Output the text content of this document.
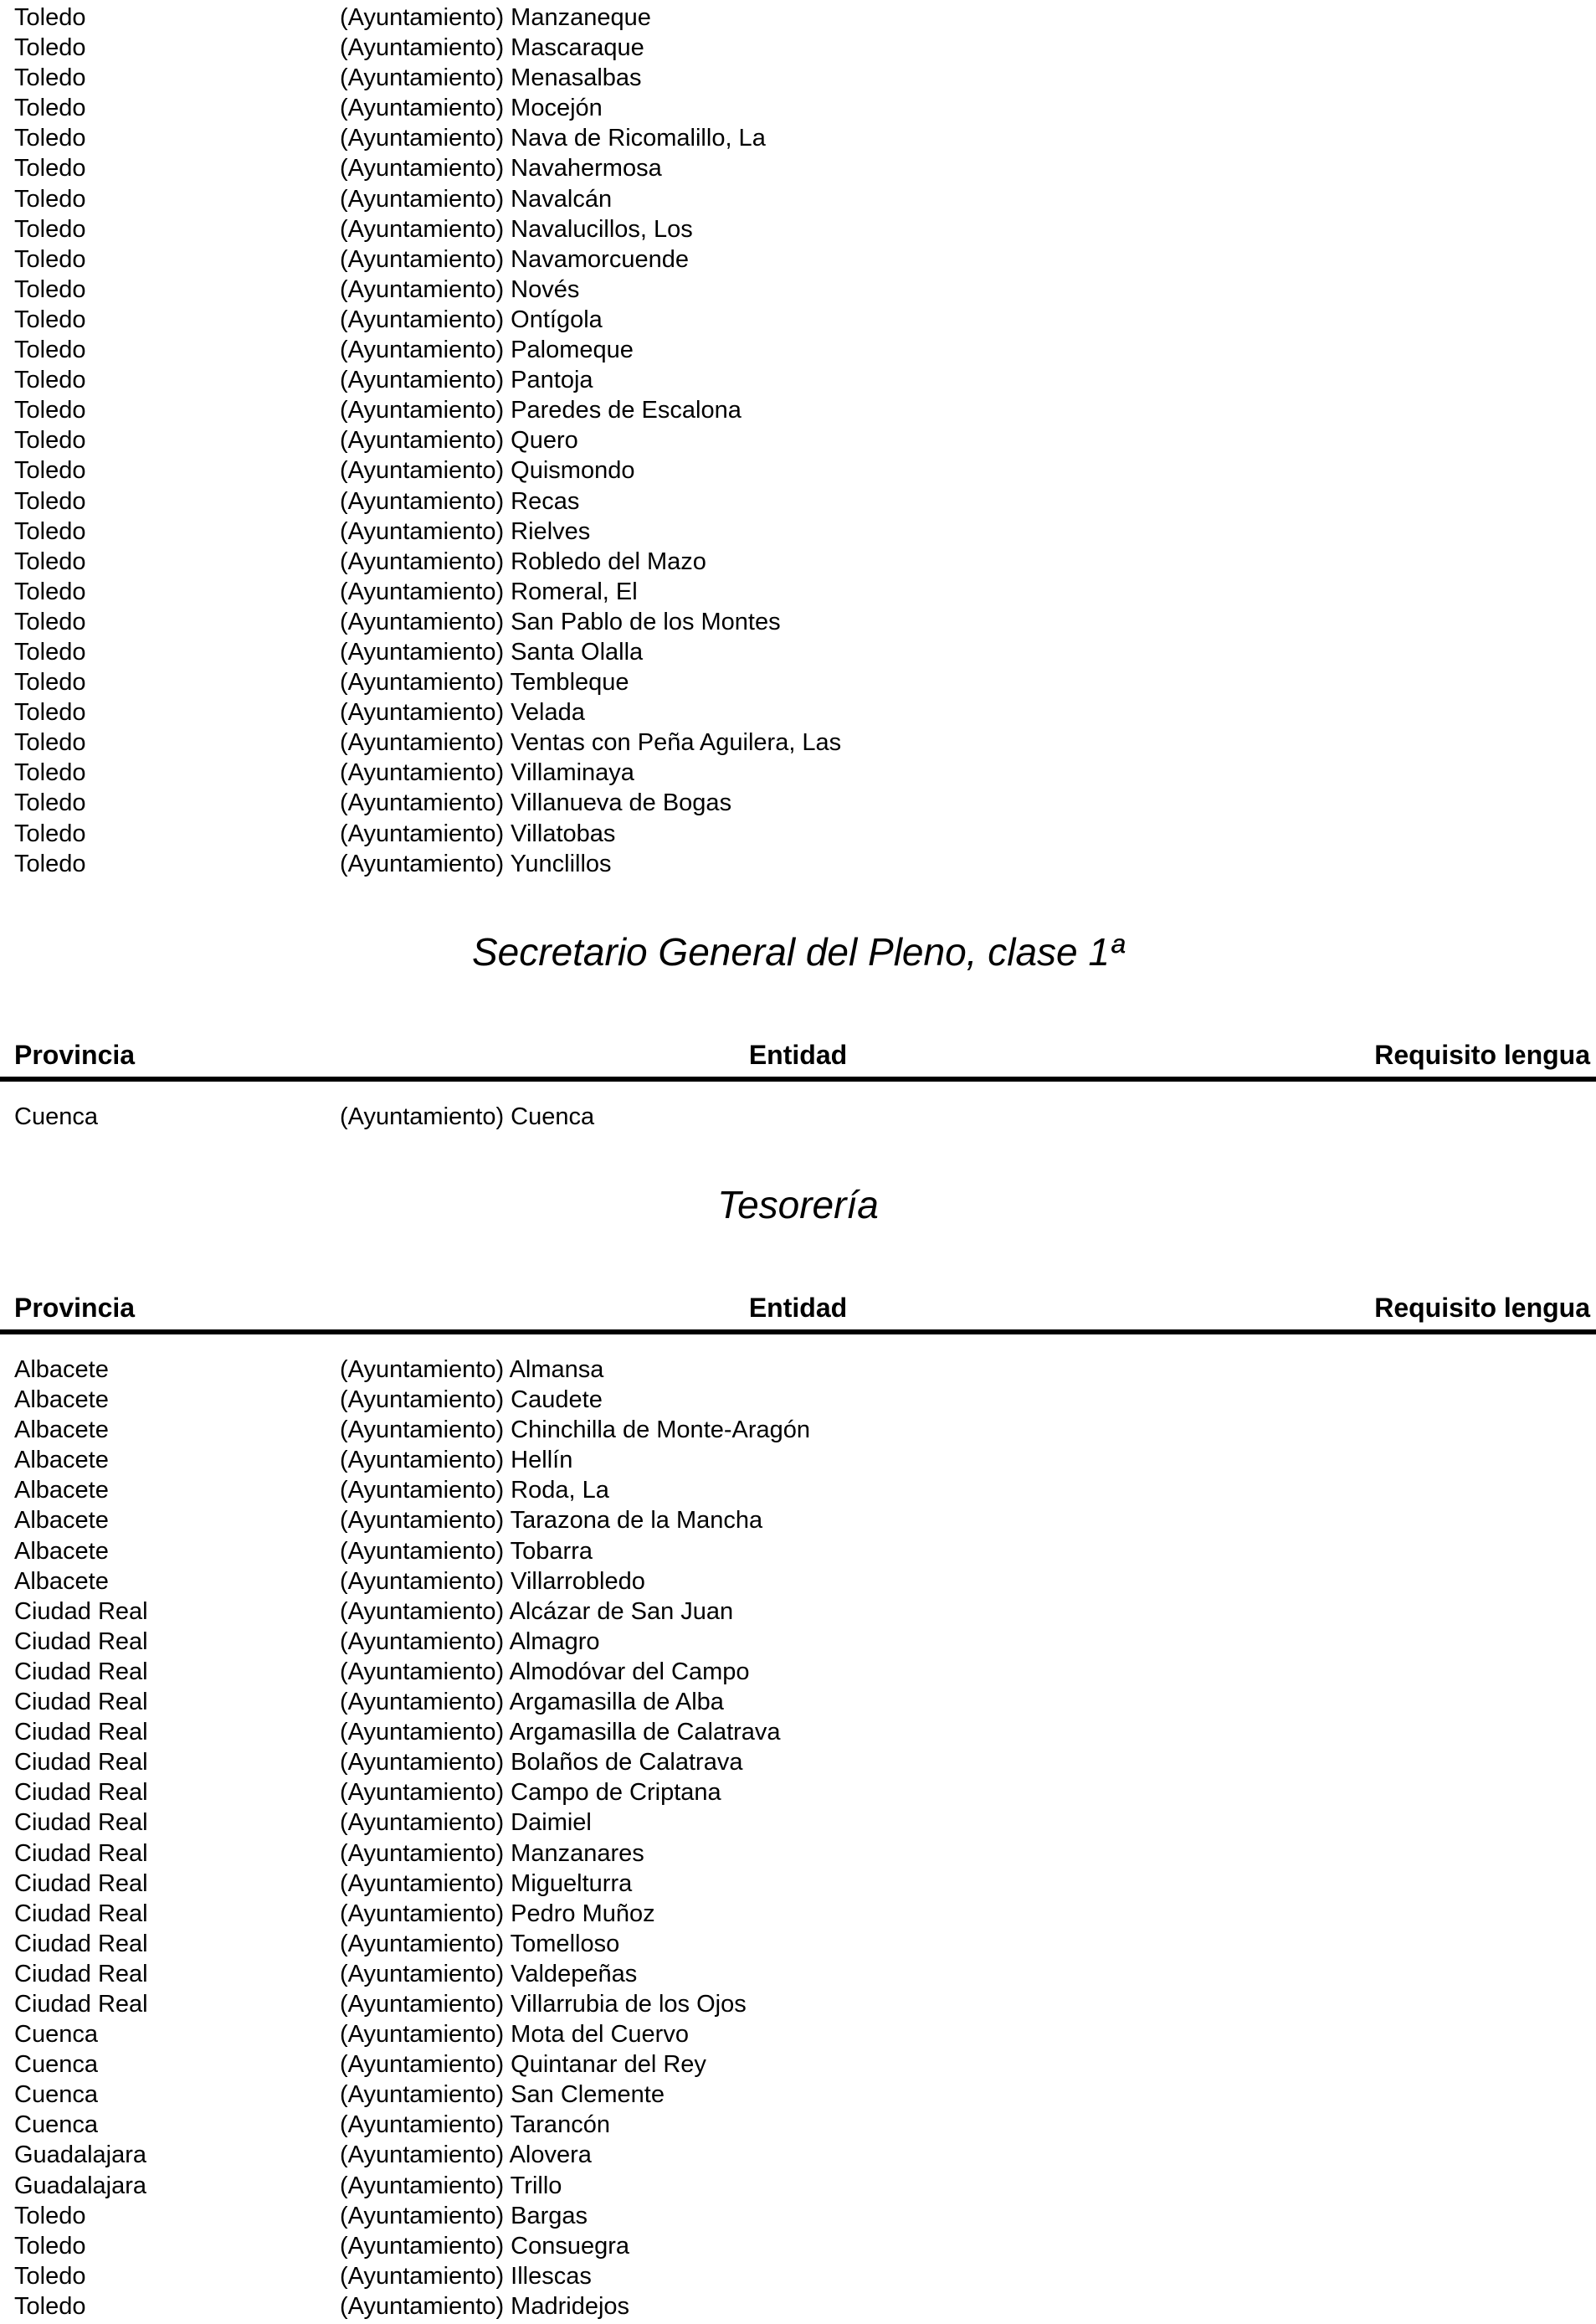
Toledo	(Ayuntamiento) Manzaneque
Toledo	(Ayuntamiento) Mascaraque
Toledo	(Ayuntamiento) Menasalbas
Toledo	(Ayuntamiento) Mocejón
Toledo	(Ayuntamiento) Nava de Ricomalillo, La
Toledo	(Ayuntamiento) Navahermosa
Toledo	(Ayuntamiento) Navalcán
Toledo	(Ayuntamiento) Navalucillos, Los
Toledo	(Ayuntamiento) Navamorcuende
Toledo	(Ayuntamiento) Novés
Toledo	(Ayuntamiento) Ontígola
Toledo	(Ayuntamiento) Palomeque
Toledo	(Ayuntamiento) Pantoja
Toledo	(Ayuntamiento) Paredes de Escalona
Toledo	(Ayuntamiento) Quero
Toledo	(Ayuntamiento) Quismondo
Toledo	(Ayuntamiento) Recas
Toledo	(Ayuntamiento) Rielves
Toledo	(Ayuntamiento) Robledo del Mazo
Toledo	(Ayuntamiento) Romeral, El
Toledo	(Ayuntamiento) San Pablo de los Montes
Toledo	(Ayuntamiento) Santa Olalla
Toledo	(Ayuntamiento) Tembleque
Toledo	(Ayuntamiento) Velada
Toledo	(Ayuntamiento) Ventas con Peña Aguilera, Las
Toledo	(Ayuntamiento) Villaminaya
Toledo	(Ayuntamiento) Villanueva de Bogas
Toledo	(Ayuntamiento) Villatobas
Toledo	(Ayuntamiento) Yunclillos
Secretario General del Pleno, clase 1ª
Provincia	Entidad	Requisito lengua
Cuenca	(Ayuntamiento) Cuenca
Tesorería
Provincia	Entidad	Requisito lengua
Albacete	(Ayuntamiento) Almansa
Albacete	(Ayuntamiento) Caudete
Albacete	(Ayuntamiento) Chinchilla de Monte-Aragón
Albacete	(Ayuntamiento) Hellín
Albacete	(Ayuntamiento) Roda, La
Albacete	(Ayuntamiento) Tarazona de la Mancha
Albacete	(Ayuntamiento) Tobarra
Albacete	(Ayuntamiento) Villarrobledo
Ciudad Real	(Ayuntamiento) Alcázar de San Juan
Ciudad Real	(Ayuntamiento) Almagro
Ciudad Real	(Ayuntamiento) Almodóvar del Campo
Ciudad Real	(Ayuntamiento) Argamasilla de Alba
Ciudad Real	(Ayuntamiento) Argamasilla de Calatrava
Ciudad Real	(Ayuntamiento) Bolaños de Calatrava
Ciudad Real	(Ayuntamiento) Campo de Criptana
Ciudad Real	(Ayuntamiento) Daimiel
Ciudad Real	(Ayuntamiento) Manzanares
Ciudad Real	(Ayuntamiento) Miguelturra
Ciudad Real	(Ayuntamiento) Pedro Muñoz
Ciudad Real	(Ayuntamiento) Tomelloso
Ciudad Real	(Ayuntamiento) Valdepeñas
Ciudad Real	(Ayuntamiento) Villarrubia de los Ojos
Cuenca	(Ayuntamiento) Mota del Cuervo
Cuenca	(Ayuntamiento) Quintanar del Rey
Cuenca	(Ayuntamiento) San Clemente
Cuenca	(Ayuntamiento) Tarancón
Guadalajara	(Ayuntamiento) Alovera
Guadalajara	(Ayuntamiento) Trillo
Toledo	(Ayuntamiento) Bargas
Toledo	(Ayuntamiento) Consuegra
Toledo	(Ayuntamiento) Illescas
Toledo	(Ayuntamiento) Madridejos
